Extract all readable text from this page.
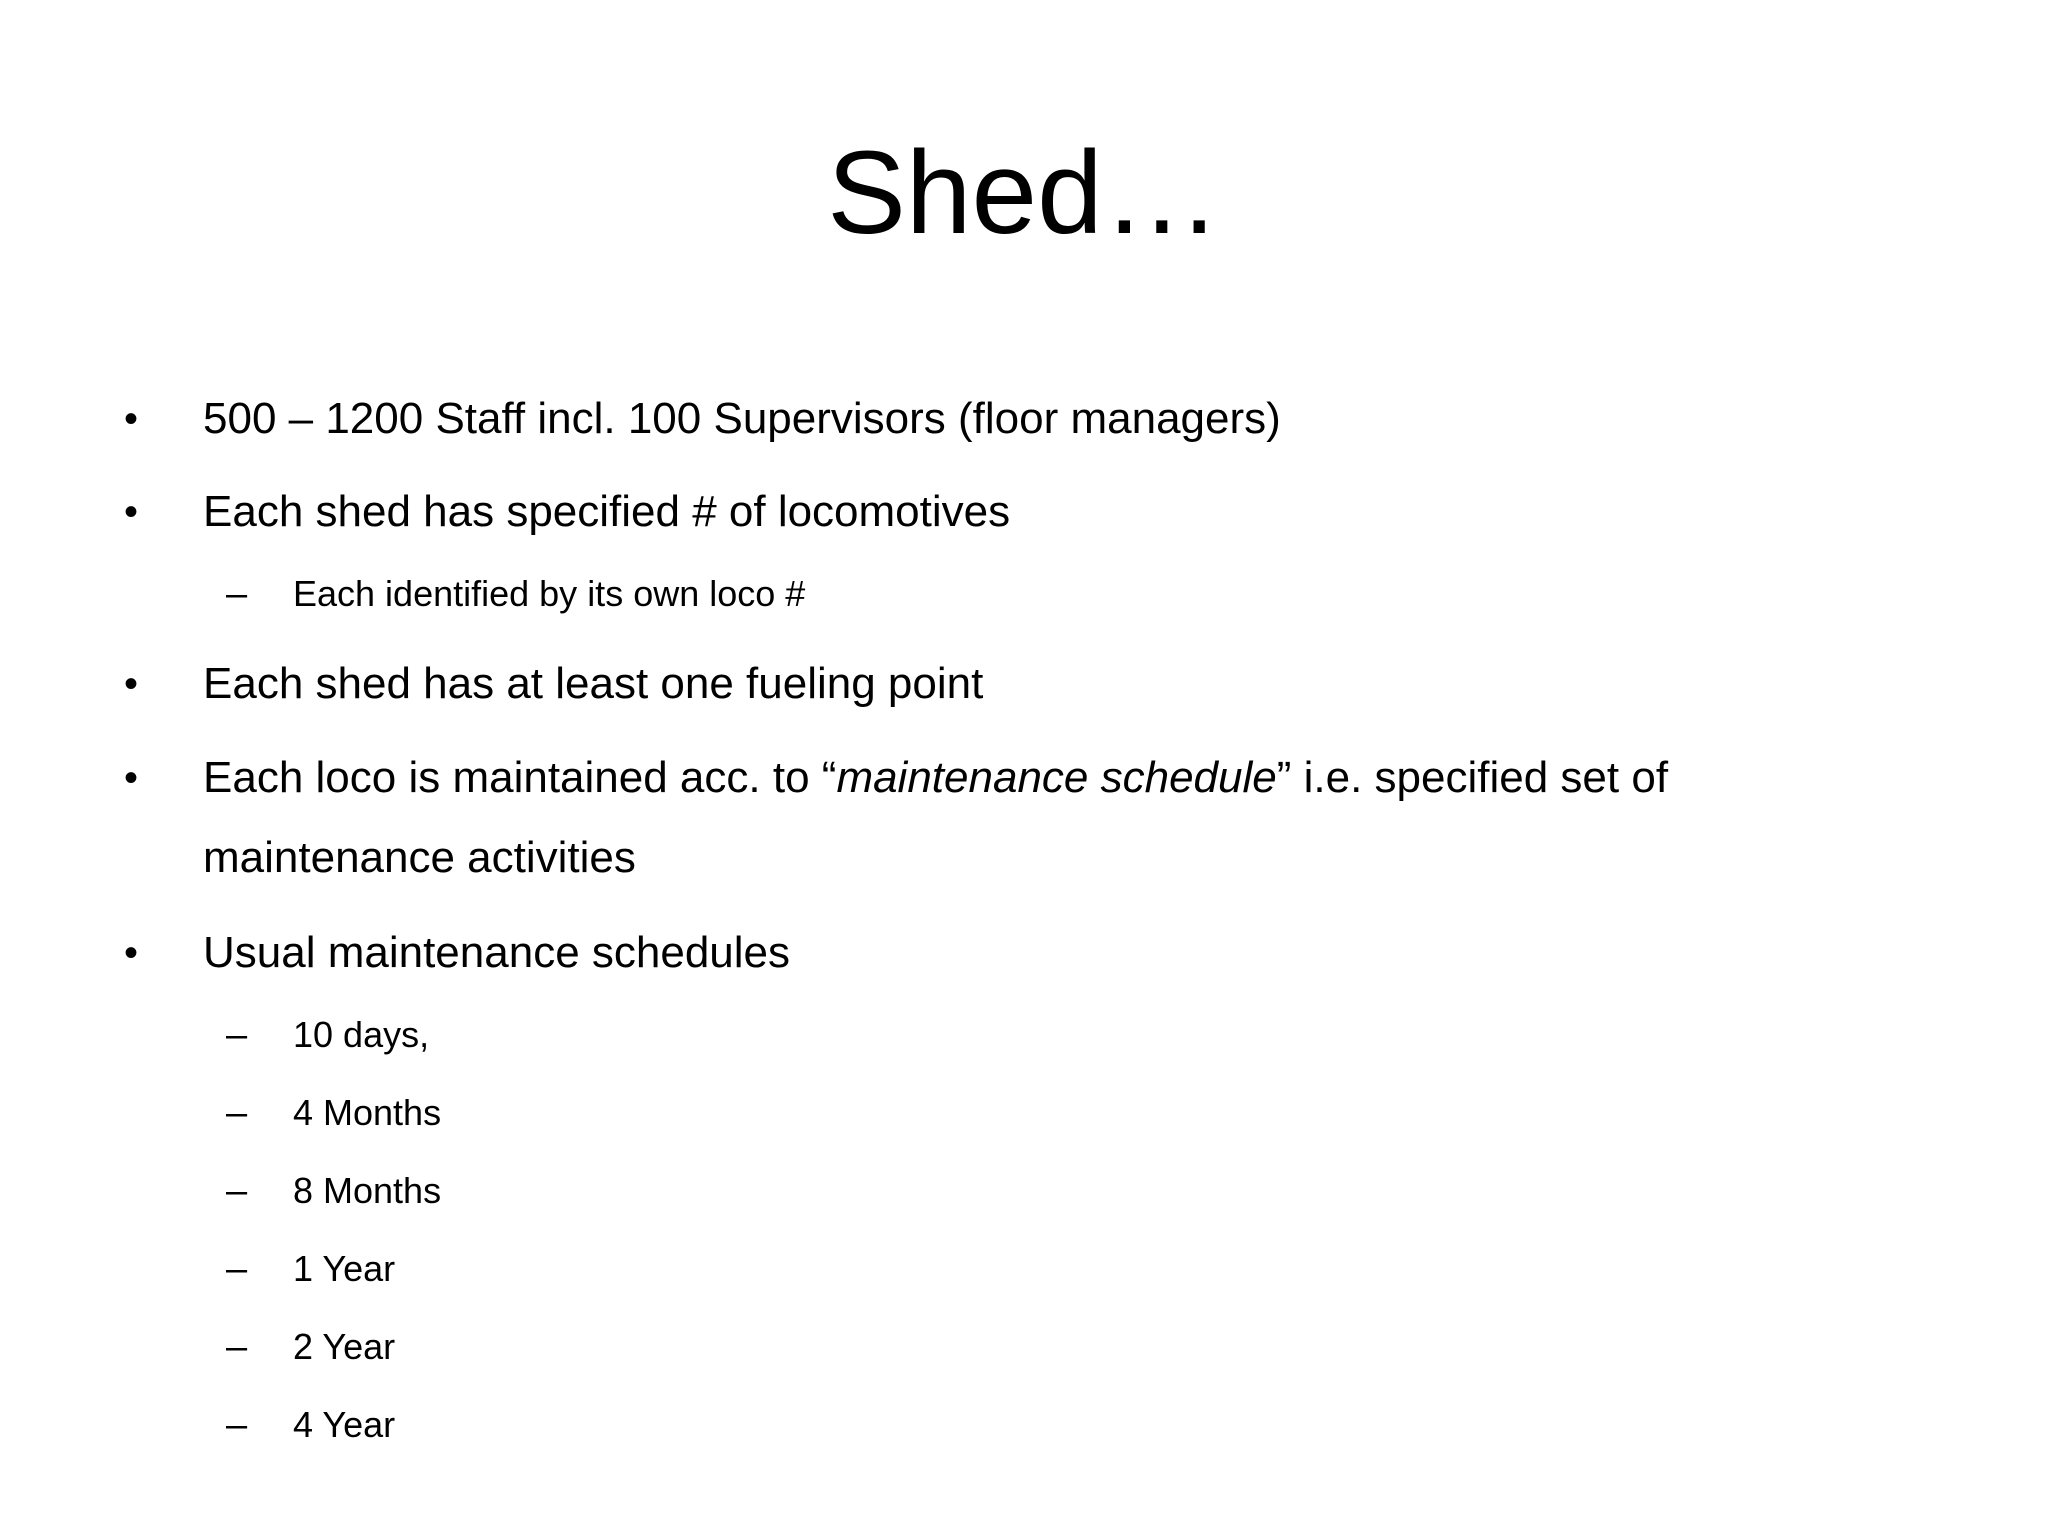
Shed…
• 500 – 1200 Staff incl. 100 Supervisors (floor managers)
• Each shed has specified # of locomotives
– Each identified by its own loco #
• Each shed has at least one fueling point
• Each loco is maintained acc. to “maintenance schedule” i.e. specified set of maintenance activities
• Usual maintenance schedules
– 10 days,
– 4 Months
– 8 Months
– 1 Year
– 2 Year
– 4 Year
